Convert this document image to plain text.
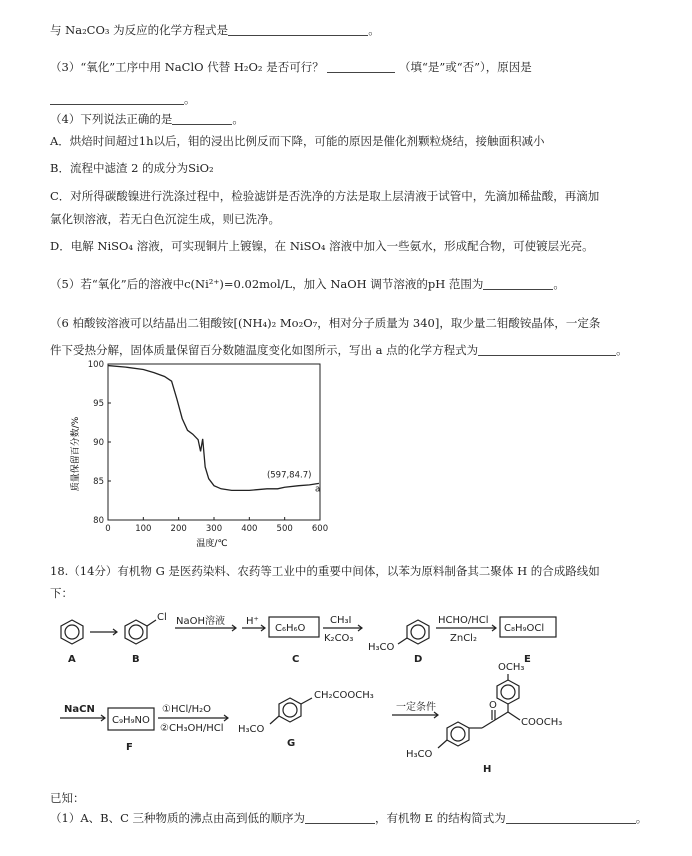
与 Na₂CO₃ 为反应的化学方程式是	。
（3）“氧化”工序中用 NaClO 代替 H₂O₂ 是否可行？	（填“是”或“否”），原因是
。
（4）下列说法正确的是	。
A．烘焙时间超过1h以后，钼的浸出比例反而下降，可能的原因是催化剂颗粒烧结，接触面积减小
B．流程中滤渣 2 的成分为SiO₂
C．对所得碳酸镍进行洗涤过程中，检验滤饼是否洗净的方法是取上层清液于试管中，先滴加稀盐酸，再滴加
氯化钡溶液，若无白色沉淀生成，则已洗净。
D．电解 NiSO₄ 溶液，可实现铜片上镀镍，在 NiSO₄ 溶液中加入一些氨水，形成配合物，可使镀层光亮。
（5）若“氧化”后的溶液中c(Ni²⁺)=0.02mol/L，加入 NaOH 调节溶液的pH 范围为	。
（6 柏酸铵溶液可以结晶出二钼酸铵[(NH₄)₂ Mo₂O₇，相对分子质量为 340]，取少量二钼酸铵晶体，一定条
件下受热分解，固体质量保留百分数随温度变化如图所示，写出 a 点的化学方程式为	。
质量保留百分数/%
温度/℃
0	100 200 300 400 500 600
80
85
90
95
100
(597,84.7)
a
18.（14分）有机物 G 是医药染料、农药等工业中的重要中间体，以苯为原料制备其二聚体 H 的合成路线如
下：
A	B
Cl NaOH溶液 H⁺
C₆H₆O
C
CH₃I
K₂CO₃
H₃CO
D
HCHO/HCl
ZnCl₂
C₈H₉OCl
E
NaCN
C₉H₉NO
F
①HCl/H₂O
②CH₃OH/HCl
CH₂COOCH₃
H₃CO
G
一定条件
OCH₃
O
COOCH₃
H₃CO
H
已知：
（1）A、B、C 三种物质的沸点由高到低的顺序为	，有机物 E 的结构简式为	。
